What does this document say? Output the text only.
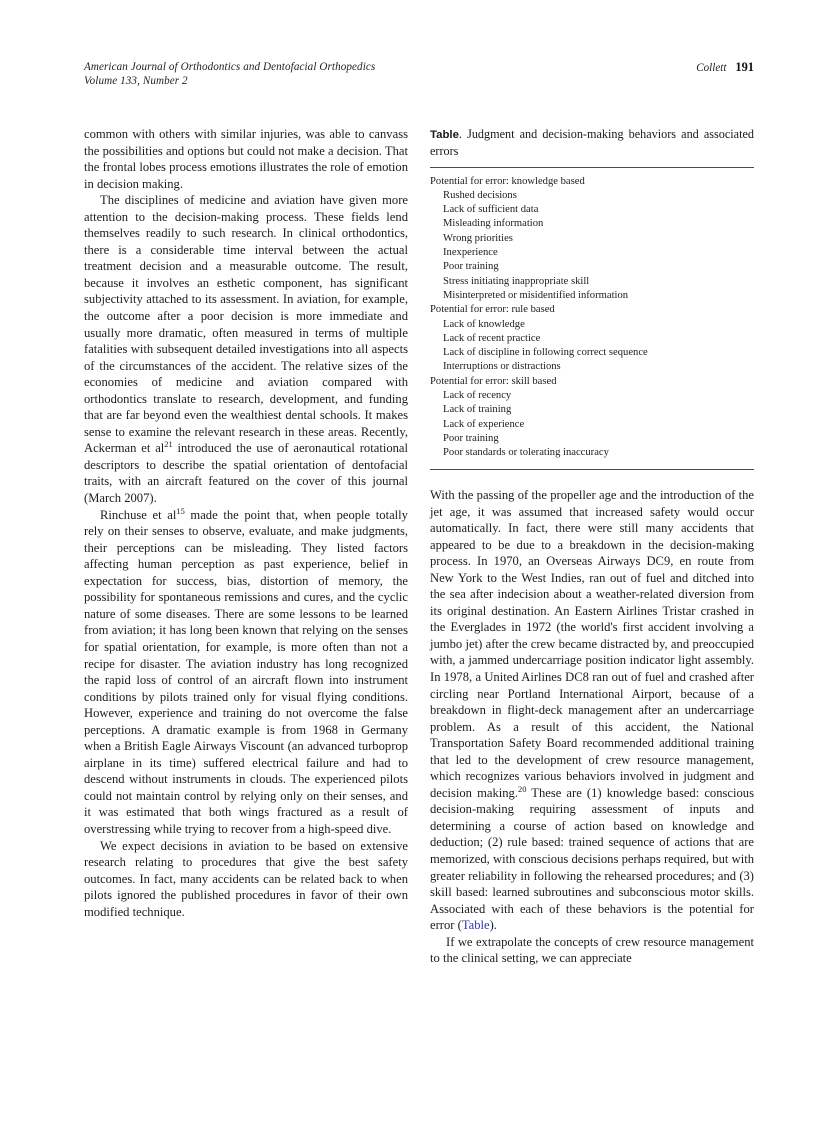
American Journal of Orthodontics and Dentofacial Orthopedics
Volume 133, Number 2
Collett 191

common with others with similar injuries, was able to canvass the possibilities and options but could not make a decision. That the frontal lobes process emotions illustrates the role of emotion in decision making.

The disciplines of medicine and aviation have given more attention to the decision-making process. These fields lend themselves readily to such research. In clinical orthodontics, there is a considerable time interval between the actual treatment decision and a measurable outcome. The result, because it involves an esthetic component, has significant subjectivity attached to its assessment. In aviation, for example, the outcome after a poor decision is more immediate and usually more dramatic, often measured in terms of multiple fatalities with subsequent detailed investigations into all aspects of the circumstances of the accident. The relative sizes of the economies of medicine and aviation compared with orthodontics translate to research, development, and funding that are far beyond even the wealthiest dental schools. It makes sense to examine the relevant research in these areas. Recently, Ackerman et al$^{21}$ introduced the use of aeronautical rotational descriptors to describe the spatial orientation of dentofacial traits, with an aircraft featured on the cover of this journal (March 2007).

Rinchuse et al$^{15}$ made the point that, when people totally rely on their senses to observe, evaluate, and make judgments, their perceptions can be misleading. They listed factors affecting human perception as past experience, belief in expectation for success, bias, distortion of memory, the possibility for spontaneous remissions and cures, and the cyclic nature of some diseases. There are some lessons to be learned from aviation; it has long been known that relying on the senses for spatial orientation, for example, is more often than not a recipe for disaster. The aviation industry has long recognized the rapid loss of control of an aircraft flown into instrument conditions by pilots trained only for visual flying conditions. However, experience and training do not overcome the false perceptions. A dramatic example is from 1968 in Germany when a British Eagle Airways Viscount (an advanced turboprop airplane in its time) suffered electrical failure and had to descend without instruments in clouds. The experienced pilots could not maintain control by relying only on their senses, and it was estimated that both wings fractured as a result of overstressing while trying to recover from a high-speed dive.

We expect decisions in aviation to be based on extensive research relating to procedures that give the best safety outcomes. In fact, many accidents can be related back to when pilots ignored the published procedures in favor of their own modified technique.

Table. Judgment and decision-making behaviors and associated errors

Potential for error: knowledge based
Rushed decisions
Lack of sufficient data
Misleading information
Wrong priorities
Inexperience
Poor training
Stress initiating inappropriate skill
Misinterpreted or misidentified information
Potential for error: rule based
Lack of knowledge
Lack of recent practice
Lack of discipline in following correct sequence
Interruptions or distractions
Potential for error: skill based
Lack of recency
Lack of training
Lack of experience
Poor training
Poor standards or tolerating inaccuracy

With the passing of the propeller age and the introduction of the jet age, it was assumed that increased safety would occur automatically. In fact, there were still many accidents that appeared to be due to a breakdown in the decision-making process. In 1970, an Overseas Airways DC9, en route from New York to the West Indies, ran out of fuel and ditched into the sea after indecision about a weather-related diversion from its original destination. An Eastern Airlines Tristar crashed in the Everglades in 1972 (the world's first accident involving a jumbo jet) after the crew became distracted by, and preoccupied with, a jammed undercarriage position indicator light assembly. In 1978, a United Airlines DC8 ran out of fuel and crashed after circling near Portland International Airport, because of a breakdown in flight-deck management after an undercarriage problem. As a result of this accident, the National Transportation Safety Board recommended additional training that led to the development of crew resource management, which recognizes various behaviors involved in judgment and decision making.$^{20}$ These are (1) knowledge based: conscious decision-making requiring assessment of inputs and determining a course of action based on knowledge and deduction; (2) rule based: trained sequence of actions that are memorized, with conscious decisions perhaps required, but with greater reliability in following the rehearsed procedures; and (3) skill based: learned subroutines and subconscious motor skills. Associated with each of these behaviors is the potential for error (Table).

If we extrapolate the concepts of crew resource management to the clinical setting, we can appreciate
